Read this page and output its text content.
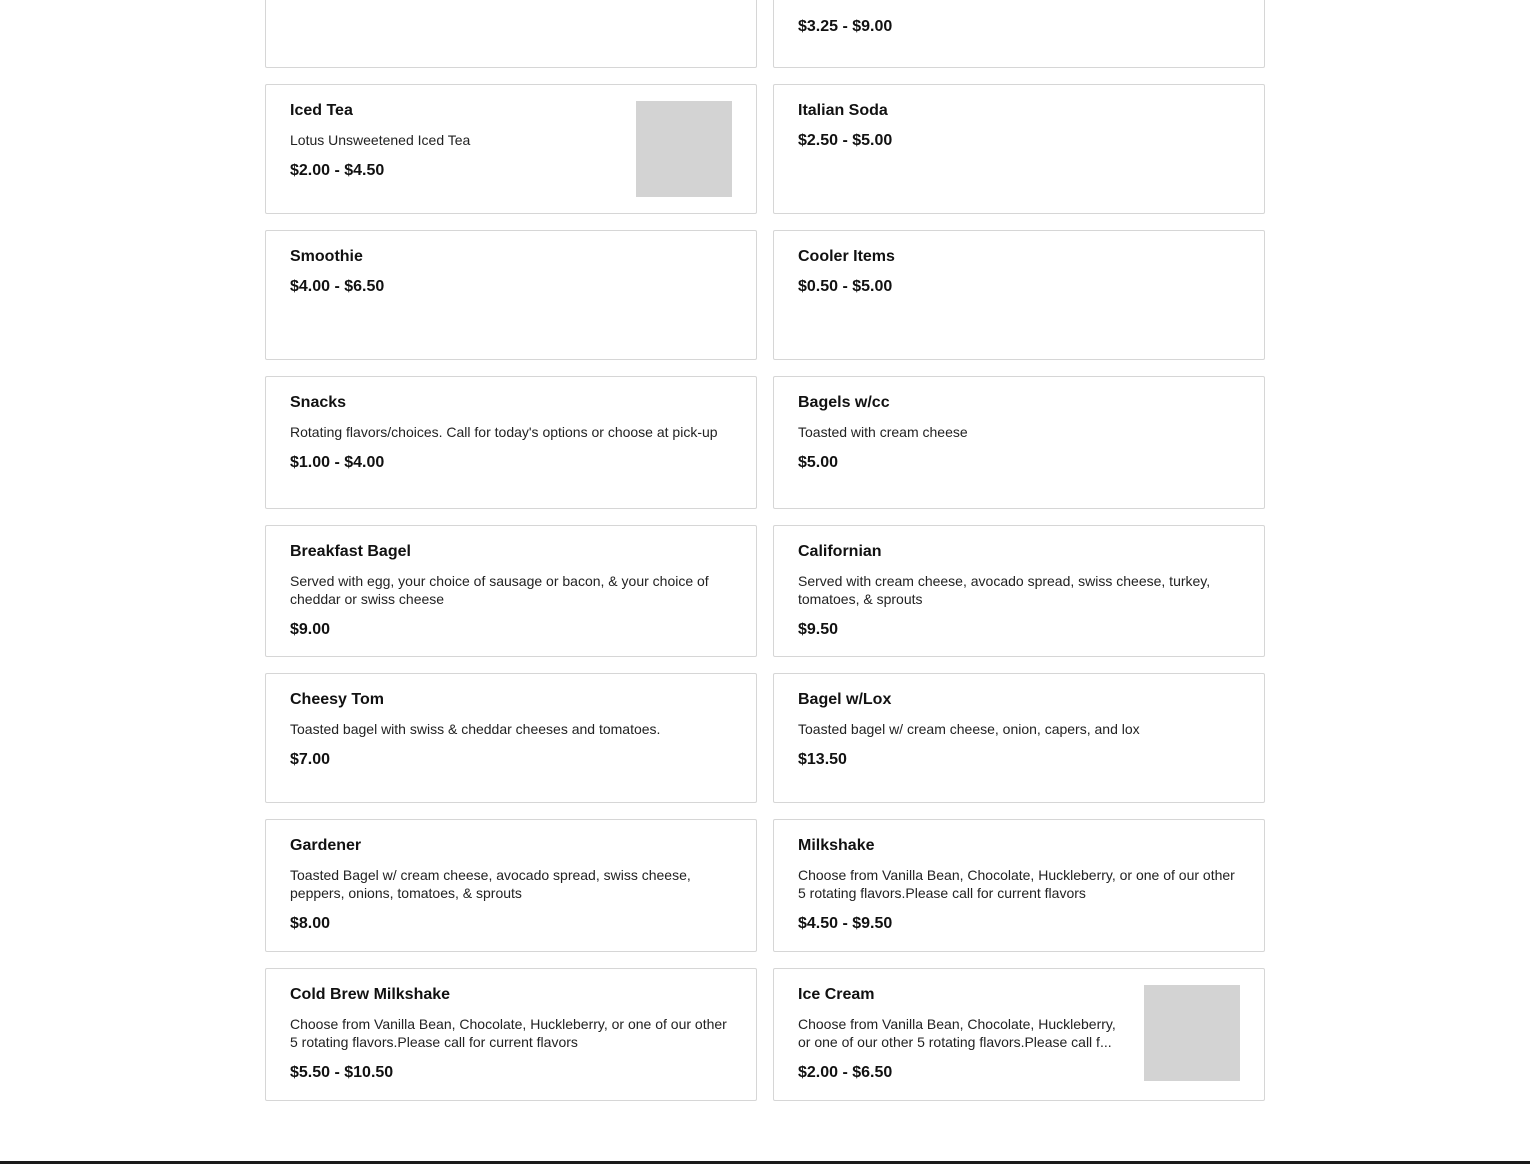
$3.25 - $9.00
Iced Tea
Lotus Unsweetened Iced Tea
$2.00 - $4.50
Italian Soda
$2.50 - $5.00
Smoothie
$4.00 - $6.50
Cooler Items
$0.50 - $5.00
Snacks
Rotating flavors/choices. Call for today's options or choose at pick-up
$1.00 - $4.00
Bagels w/cc
Toasted with cream cheese
$5.00
Breakfast Bagel
Served with egg, your choice of sausage or bacon, & your choice of cheddar or swiss cheese
$9.00
Californian
Served with cream cheese, avocado spread, swiss cheese, turkey, tomatoes, & sprouts
$9.50
Cheesy Tom
Toasted bagel with swiss & cheddar cheeses and tomatoes.
$7.00
Bagel w/Lox
Toasted bagel w/ cream cheese, onion, capers, and lox
$13.50
Gardener
Toasted Bagel w/ cream cheese, avocado spread, swiss cheese, peppers, onions, tomatoes, & sprouts
$8.00
Milkshake
Choose from Vanilla Bean, Chocolate, Huckleberry, or one of our other 5 rotating flavors.Please call for current flavors
$4.50 - $9.50
Cold Brew Milkshake
Choose from Vanilla Bean, Chocolate, Huckleberry, or one of our other 5 rotating flavors.Please call for current flavors
$5.50 - $10.50
Ice Cream
Choose from Vanilla Bean, Chocolate, Huckleberry, or one of our other 5 rotating flavors.Please call f...
$2.00 - $6.50
